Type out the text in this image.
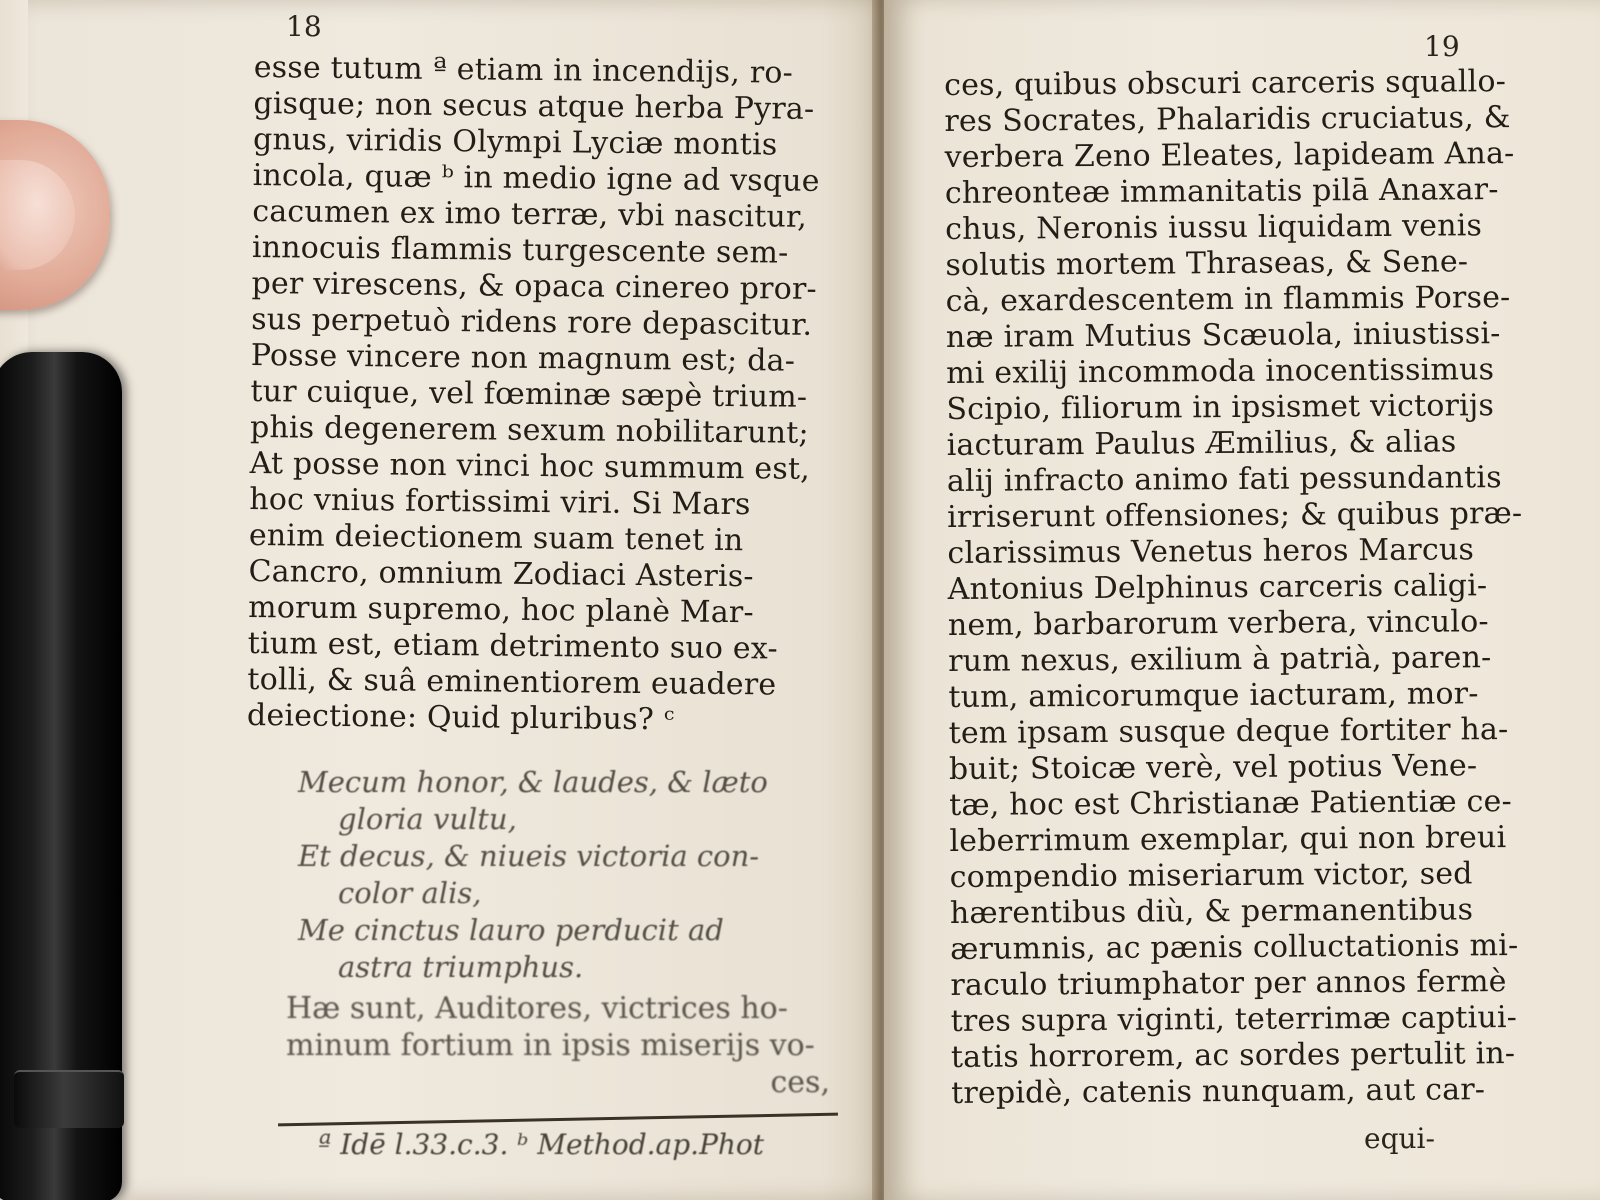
18
esse tutum ª etiam in incendijs, ro-
gisque; non secus atque herba Pyra-
gnus, viridis Olympi Lyciæ montis
incola, quæ ᵇ in medio igne ad vsque
cacumen ex imo terræ, vbi nascitur,
innocuis flammis turgescente sem-
per virescens, & opaca cinereo pror-
sus perpetuò ridens rore depascitur.
Posse vincere non magnum est; da-
tur cuique, vel fœminæ sæpè trium-
phis degenerem sexum nobilitarunt;
At posse non vinci hoc summum est,
hoc vnius fortissimi viri. Si Mars
enim deiectionem suam tenet in
Cancro, omnium Zodiaci Asteris-
morum supremo, hoc planè Mar-
tium est, etiam detrimento suo ex-
tolli, & suâ eminentiorem euadere
deiectione: Quid pluribus? ᶜ
Mecum honor, & laudes, & læto
gloria vultu,
Et decus, & niueis victoria con-
color alis,
Me cinctus lauro perducit ad
astra triumphus.
Hæ sunt, Auditores, victrices ho-
minum fortium in ipsis miserijs vo-
ces,
ª Idē l.33.c.3. ᵇ Method.ap.Phot
19
ces, quibus obscuri carceris squallo-
res Socrates, Phalaridis cruciatus, &
verbera Zeno Eleates, lapideam Ana-
chreonteæ immanitatis pilā Anaxar-
chus, Neronis iussu liquidam venis
solutis mortem Thraseas, & Sene-
cà, exardescentem in flammis Porse-
næ iram Mutius Scæuola, iniustissi-
mi exilij incommoda inocentissimus
Scipio, filiorum in ipsismet victorijs
iacturam Paulus Æmilius, & alias
alij infracto animo fati pessundantis
irriserunt offensiones; & quibus præ-
clarissimus Venetus heros Marcus
Antonius Delphinus carceris caligi-
nem, barbarorum verbera, vinculo-
rum nexus, exilium à patrià, paren-
tum, amicorumque iacturam, mor-
tem ipsam susque deque fortiter ha-
buit; Stoicæ verè, vel potius Vene-
tæ, hoc est Christianæ Patientiæ ce-
leberrimum exemplar, qui non breui
compendio miseriarum victor, sed
hærentibus diù, & permanentibus
ærumnis, ac pænis colluctationis mi-
raculo triumphator per annos fermè
tres supra viginti, teterrimæ captiui-
tatis horrorem, ac sordes pertulit in-
trepidè, catenis nunquam, aut car-
equi-
